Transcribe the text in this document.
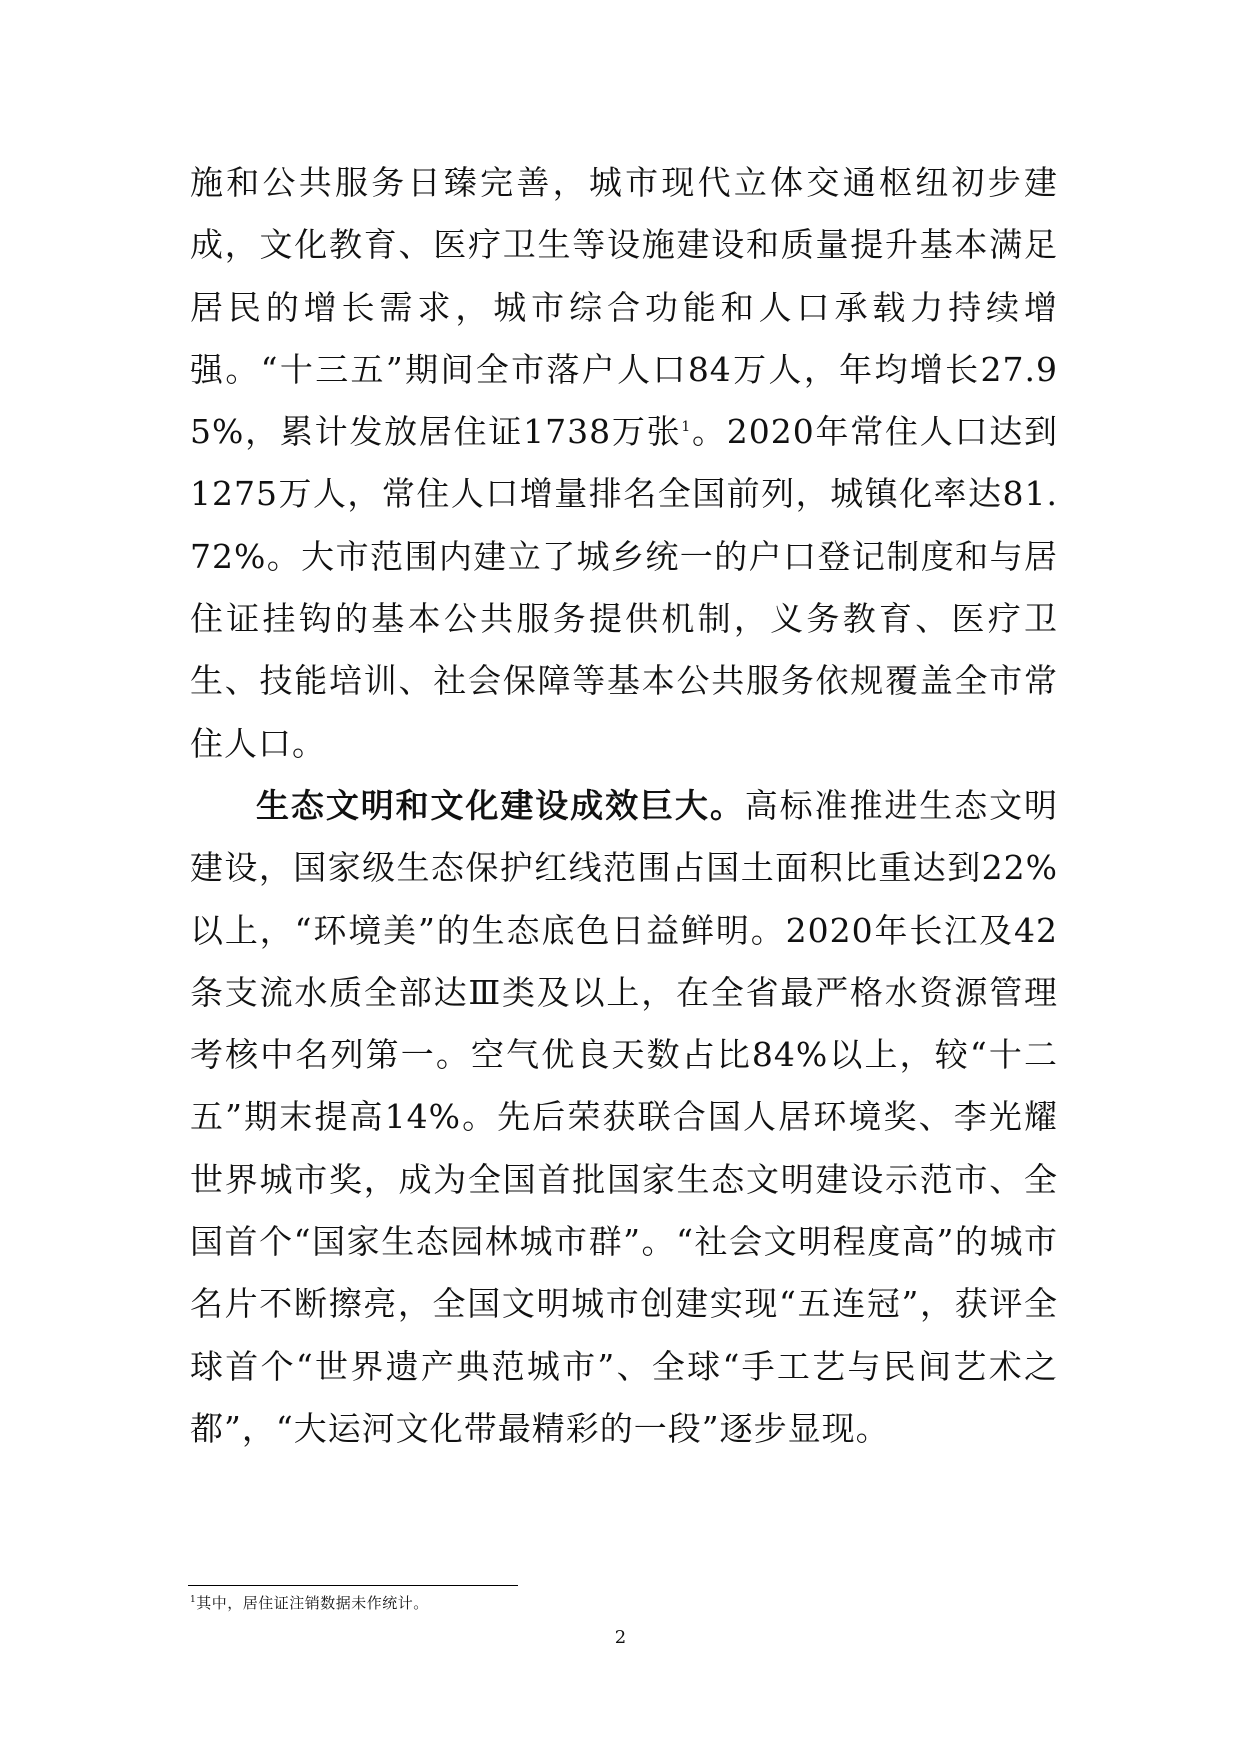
施和公共服务日臻完善，城市现代立体交通枢纽初步建成，文化教育、医疗卫生等设施建设和质量提升基本满足居民的增长需求，城市综合功能和人口承载力持续增强。“十三五”期间全市落户人口84万人，年均增长27.95%，累计发放居住证1738万张$^1$。2020年常住人口达到1275万人，常住人口增量排名全国前列，城镇化率达81.72%。大市范围内建立了城乡统一的户口登记制度和与居住证挂钩的基本公共服务提供机制，义务教育、医疗卫生、技能培训、社会保障等基本公共服务依规覆盖全市常住人口。

生态文明和文化建设成效巨大。高标准推进生态文明建设，国家级生态保护红线范围占国土面积比重达到22%以上，“环境美”的生态底色日益鲜明。2020年长江及42条支流水质全部达Ⅲ类及以上，在全省最严格水资源管理考核中名列第一。空气优良天数占比84%以上，较“十二五”期末提高14%。先后荣获联合国人居环境奖、李光耀世界城市奖，成为全国首批国家生态文明建设示范市、全国首个“国家生态园林城市群”。“社会文明程度高”的城市名片不断擦亮，全国文明城市创建实现“五连冠”，获评全球首个“世界遗产典范城市”、全球“手工艺与民间艺术之都”，“大运河文化带最精彩的一段”逐步显现。

$^1$其中，居住证注销数据未作统计。
2
